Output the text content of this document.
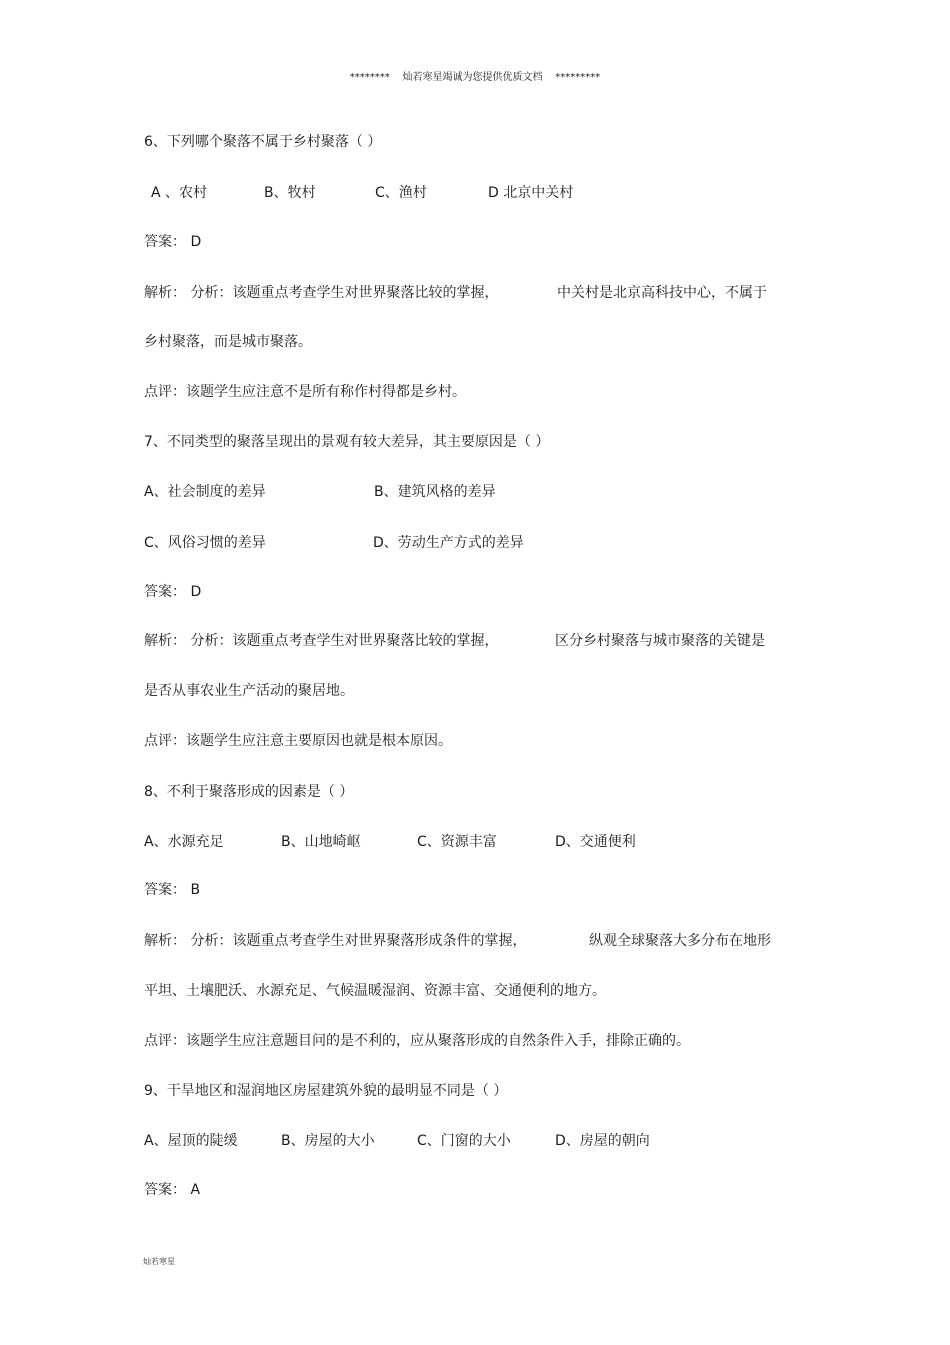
********    灿若寒星竭诚为您提供优质文档    *********
6、下列哪个聚落不属于乡村聚落（ ）
A 、农村	B、牧村	C、渔村	D 北京中关村
答案： D
解析： 分析：该题重点考查学生对世界聚落比较的掌握，	中关村是北京高科技中心，不属于
乡村聚落，而是城市聚落。
点评：该题学生应注意不是所有称作村得都是乡村。
7、不同类型的聚落呈现出的景观有较大差异，其主要原因是（ ）
A、社会制度的差异	B、建筑风格的差异
C、风俗习惯的差异	D、劳动生产方式的差异
答案： D
解析： 分析：该题重点考查学生对世界聚落比较的掌握，	区分乡村聚落与城市聚落的关键是
是否从事农业生产活动的聚居地。
点评：该题学生应注意主要原因也就是根本原因。
8、不利于聚落形成的因素是（ ）
A、水源充足	B、山地崎岖	C、资源丰富	D、交通便利
答案： B
解析： 分析：该题重点考查学生对世界聚落形成条件的掌握，	纵观全球聚落大多分布在地形
平坦、土壤肥沃、水源充足、气候温暖湿润、资源丰富、交通便利的地方。
点评：该题学生应注意题目问的是不利的，应从聚落形成的自然条件入手，排除正确的。
9、干旱地区和湿润地区房屋建筑外貌的最明显不同是（ ）
A、屋顶的陡缓	B、房屋的大小	C、门窗的大小	D、房屋的朝向
答案： A
灿若寒星
